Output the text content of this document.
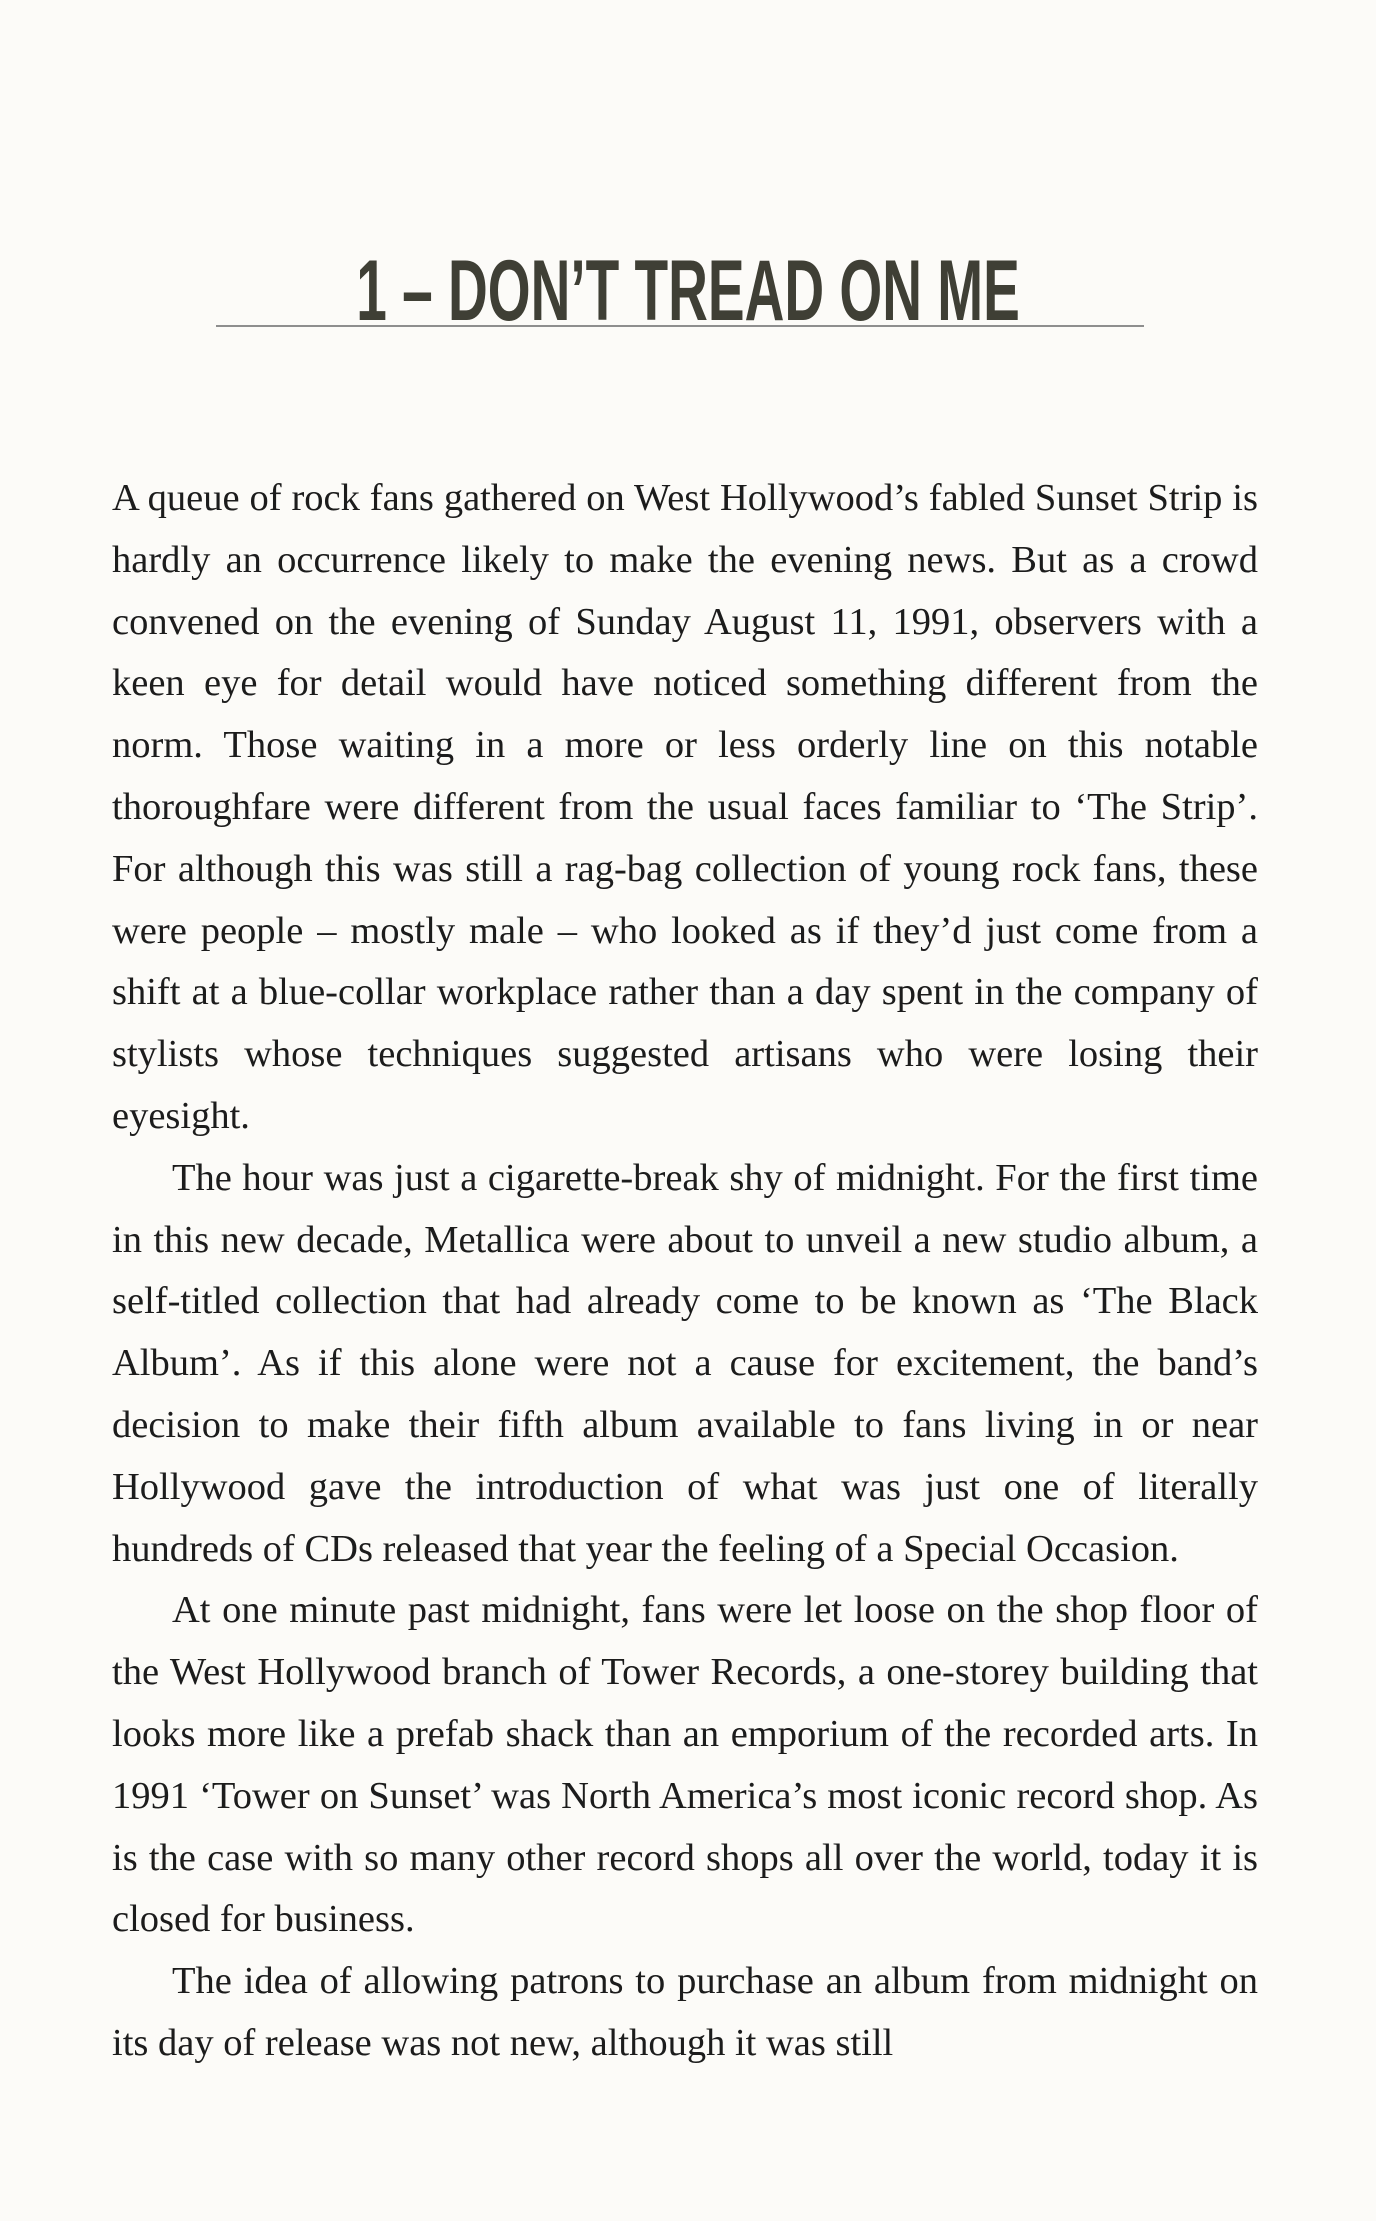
1 – DON’T TREAD ON ME

A queue of rock fans gathered on West Hollywood’s fabled Sunset Strip is hardly an occurrence likely to make the evening news. But as a crowd convened on the evening of Sunday August 11, 1991, observers with a keen eye for detail would have noticed something different from the norm. Those waiting in a more or less orderly line on this notable thoroughfare were different from the usual faces familiar to ‘The Strip’. For although this was still a rag-bag collection of young rock fans, these were people – mostly male – who looked as if they’d just come from a shift at a blue-collar workplace rather than a day spent in the company of stylists whose techniques suggested artisans who were losing their eyesight.

The hour was just a cigarette-break shy of midnight. For the first time in this new decade, Metallica were about to unveil a new studio album, a self-titled collection that had already come to be known as ‘The Black Album’. As if this alone were not a cause for excitement, the band’s decision to make their fifth album available to fans living in or near Hollywood gave the introduction of what was just one of literally hundreds of CDs released that year the feeling of a Special Occasion.

At one minute past midnight, fans were let loose on the shop floor of the West Hollywood branch of Tower Records, a one-storey building that looks more like a prefab shack than an emporium of the recorded arts. In 1991 ‘Tower on Sunset’ was North America’s most iconic record shop. As is the case with so many other record shops all over the world, today it is closed for business.

The idea of allowing patrons to purchase an album from midnight on its day of release was not new, although it was still
